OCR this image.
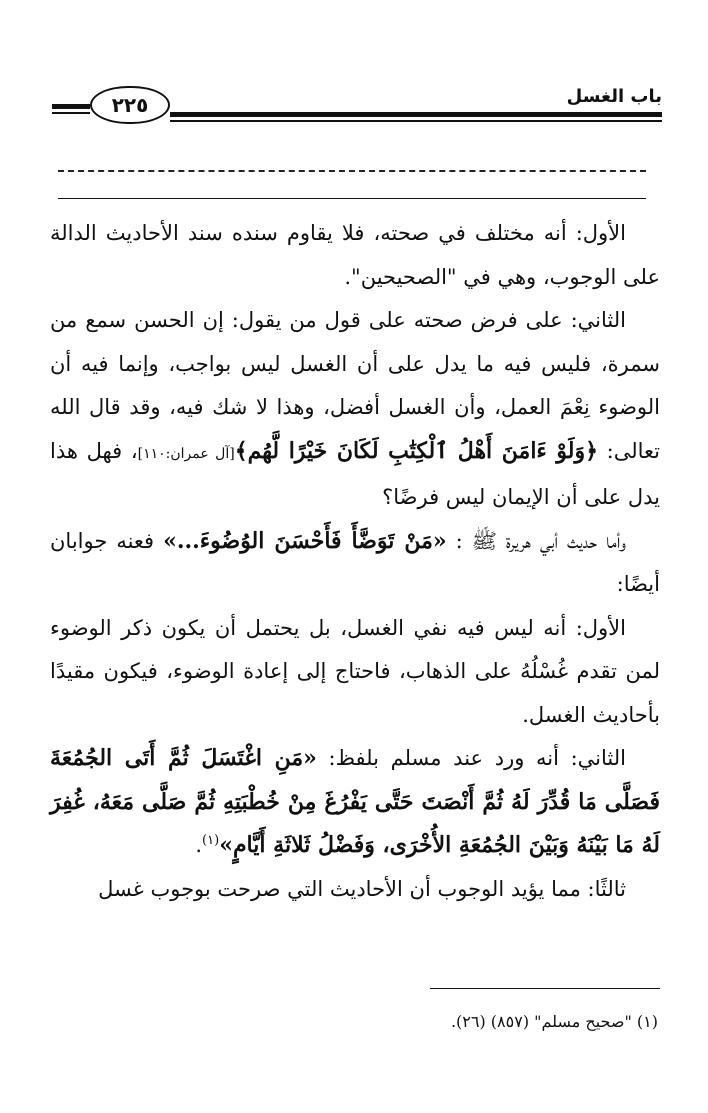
باب الغسل
٢٢٥

الأول: أنه مختلف في صحته، فلا يقاوم سنده سند الأحاديث الدالة على الوجوب، وهي في "الصحيحين".

الثاني: على فرض صحته على قول من يقول: إن الحسن سمع من سمرة، فليس فيه ما يدل على أن الغسل ليس بواجب، وإنما فيه أن الوضوء نِعْمَ العمل، وأن الغسل أفضل، وهذا لا شك فيه، وقد قال الله تعالى: ﴿وَلَوْ ءَامَنَ أَهْلُ ٱلْكِتَٰبِ لَكَانَ خَيْرًا لَّهُم﴾[آل عمران:١١٠]، فهل هذا يدل على أن الإيمان ليس فرضًا؟

وأما حديث أبي هريرة ﷺ : «مَنْ تَوَضَّأَ فَأَحْسَنَ الوُضُوءَ...» فعنه جوابان أيضًا:

الأول: أنه ليس فيه نفي الغسل، بل يحتمل أن يكون ذكر الوضوء لمن تقدم غُسْلُهُ على الذهاب، فاحتاج إلى إعادة الوضوء، فيكون مقيدًا بأحاديث الغسل.

الثاني: أنه ورد عند مسلم بلفظ: «مَنِ اغْتَسَلَ ثُمَّ أَتَى الجُمُعَةَ فَصَلَّى مَا قُدِّرَ لَهُ ثُمَّ أَنْصَتَ حَتَّى يَفْرُغَ مِنْ خُطْبَتِهِ ثُمَّ صَلَّى مَعَهُ، غُفِرَ لَهُ مَا بَيْنَهُ وَبَيْنَ الجُمُعَةِ الأُخْرَى، وَفَضْلُ ثَلاثَةِ أَيَّامٍ»$^{(١)}$.

ثالثًا: مما يؤيد الوجوب أن الأحاديث التي صرحت بوجوب غسل

(١) "صحيح مسلم" (٨٥٧) (٢٦).
